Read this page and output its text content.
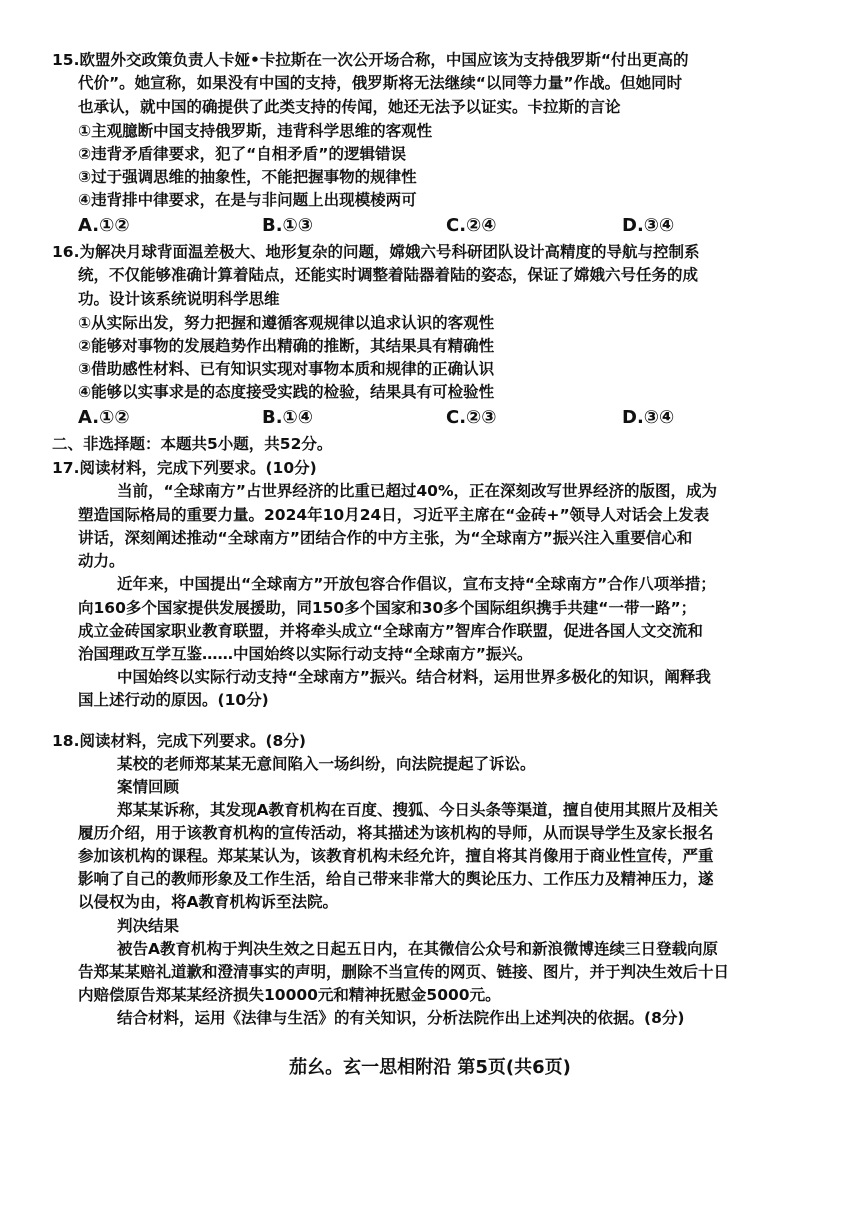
15.欧盟外交政策负责人卡娅•卡拉斯在一次公开场合称，中国应该为支持俄罗斯“付出更高的
代价”。她宣称，如果没有中国的支持，俄罗斯将无法继续“以同等力量”作战。但她同时
也承认，就中国的确提供了此类支持的传闻，她还无法予以证实。卡拉斯的言论
①主观臆断中国支持俄罗斯，违背科学思维的客观性
②违背矛盾律要求，犯了“自相矛盾”的逻辑错误
③过于强调思维的抽象性，不能把握事物的规律性
④违背排中律要求，在是与非问题上出现模棱两可
A.①②	B.①③	C.②④	D.③④
16.为解决月球背面温差极大、地形复杂的问题，嫦娥六号科研团队设计高精度的导航与控制系
统，不仅能够准确计算着陆点，还能实时调整着陆器着陆的姿态，保证了嫦娥六号任务的成
功。设计该系统说明科学思维
①从实际出发，努力把握和遵循客观规律以追求认识的客观性
②能够对事物的发展趋势作出精确的推断，其结果具有精确性
③借助感性材料、已有知识实现对事物本质和规律的正确认识
④能够以实事求是的态度接受实践的检验，结果具有可检验性
A.①②	B.①④	C.②③	D.③④
二、非选择题：本题共5小题，共52分。
17.阅读材料，完成下列要求。(10分)
当前，“全球南方”占世界经济的比重已超过40%，正在深刻改写世界经济的版图，成为
塑造国际格局的重要力量。2024年10月24日，习近平主席在“金砖+”领导人对话会上发表
讲话，深刻阐述推动“全球南方”团结合作的中方主张，为“全球南方”振兴注入重要信心和
动力。
近年来，中国提出“全球南方”开放包容合作倡议，宣布支持“全球南方”合作八项举措；
向160多个国家提供发展援助，同150多个国家和30多个国际组织携手共建“一带一路”；
成立金砖国家职业教育联盟，并将牵头成立“全球南方”智库合作联盟，促进各国人文交流和
治国理政互学互鉴……中国始终以实际行动支持“全球南方”振兴。
中国始终以实际行动支持“全球南方”振兴。结合材料，运用世界多极化的知识，阐释我
国上述行动的原因。(10分)
18.阅读材料，完成下列要求。(8分)
某校的老师郑某某无意间陷入一场纠纷，向法院提起了诉讼。
案情回顾
郑某某诉称，其发现A教育机构在百度、搜狐、今日头条等渠道，擅自使用其照片及相关
履历介绍，用于该教育机构的宣传活动，将其描述为该机构的导师，从而误导学生及家长报名
参加该机构的课程。郑某某认为，该教育机构未经允许，擅自将其肖像用于商业性宣传，严重
影响了自己的教师形象及工作生活，给自己带来非常大的舆论压力、工作压力及精神压力，遂
以侵权为由，将A教育机构诉至法院。
判决结果
被告A教育机构于判决生效之日起五日内，在其微信公众号和新浪微博连续三日登载向原
告郑某某赔礼道歉和澄清事实的声明，删除不当宣传的网页、链接、图片，并于判决生效后十日
内赔偿原告郑某某经济损失10000元和精神抚慰金5000元。
结合材料，运用《法律与生活》的有关知识，分析法院作出上述判决的依据。(8分)
茄幺。玄一思相附沿 第5页(共6页)
